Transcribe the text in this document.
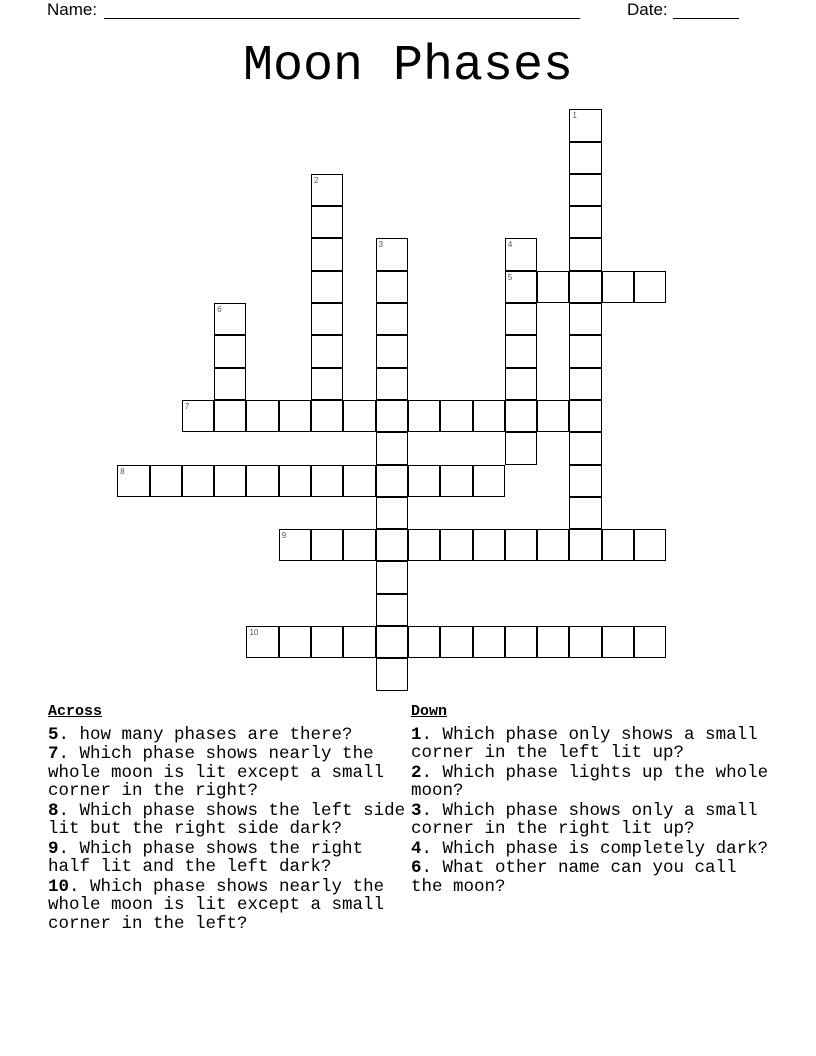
Name:	Date:
Moon Phases
1
2
3	4
5
6
7
8
9
10
Across
5. how many phases are there?
7. Which phase shows nearly the whole moon is lit except a small corner in the right?
8. Which phase shows the left side lit but the right side dark?
9. Which phase shows the right half lit and the left dark?
10. Which phase shows nearly the whole moon is lit except a small corner in the left?
Down
1. Which phase only shows a small corner in the left lit up?
2. Which phase lights up the whole moon?
3. Which phase shows only a small corner in the right lit up?
4. Which phase is completely dark?
6. What other name can you call the moon?
